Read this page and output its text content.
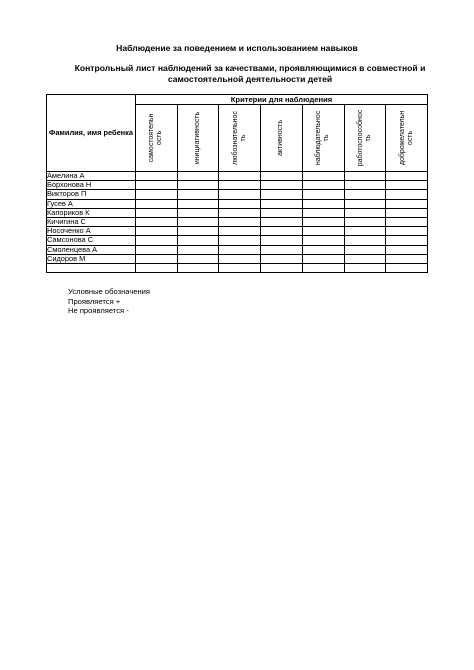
Наблюдение за поведением и использованием навыков
Контрольный лист наблюдений за качествами, проявляющимися в совместной и самостоятельной деятельности детей
Фамилия, имя ребенка	Критерии для наблюдения						

	самостоятельн ость	инициативность	любознательнос ть	активность	наблюдательнос ть	работоспособнос ть	доброжелательн ость

Амелина А							
Борхонова Н							
Викторов П							
Гусев А							
Капориков К							
Кичигина С							
Носоченко А							
Самсонова С							
Смоленцева А							
Сидоров М							

Условные обозначения
Проявляется +
Не проявляется -
